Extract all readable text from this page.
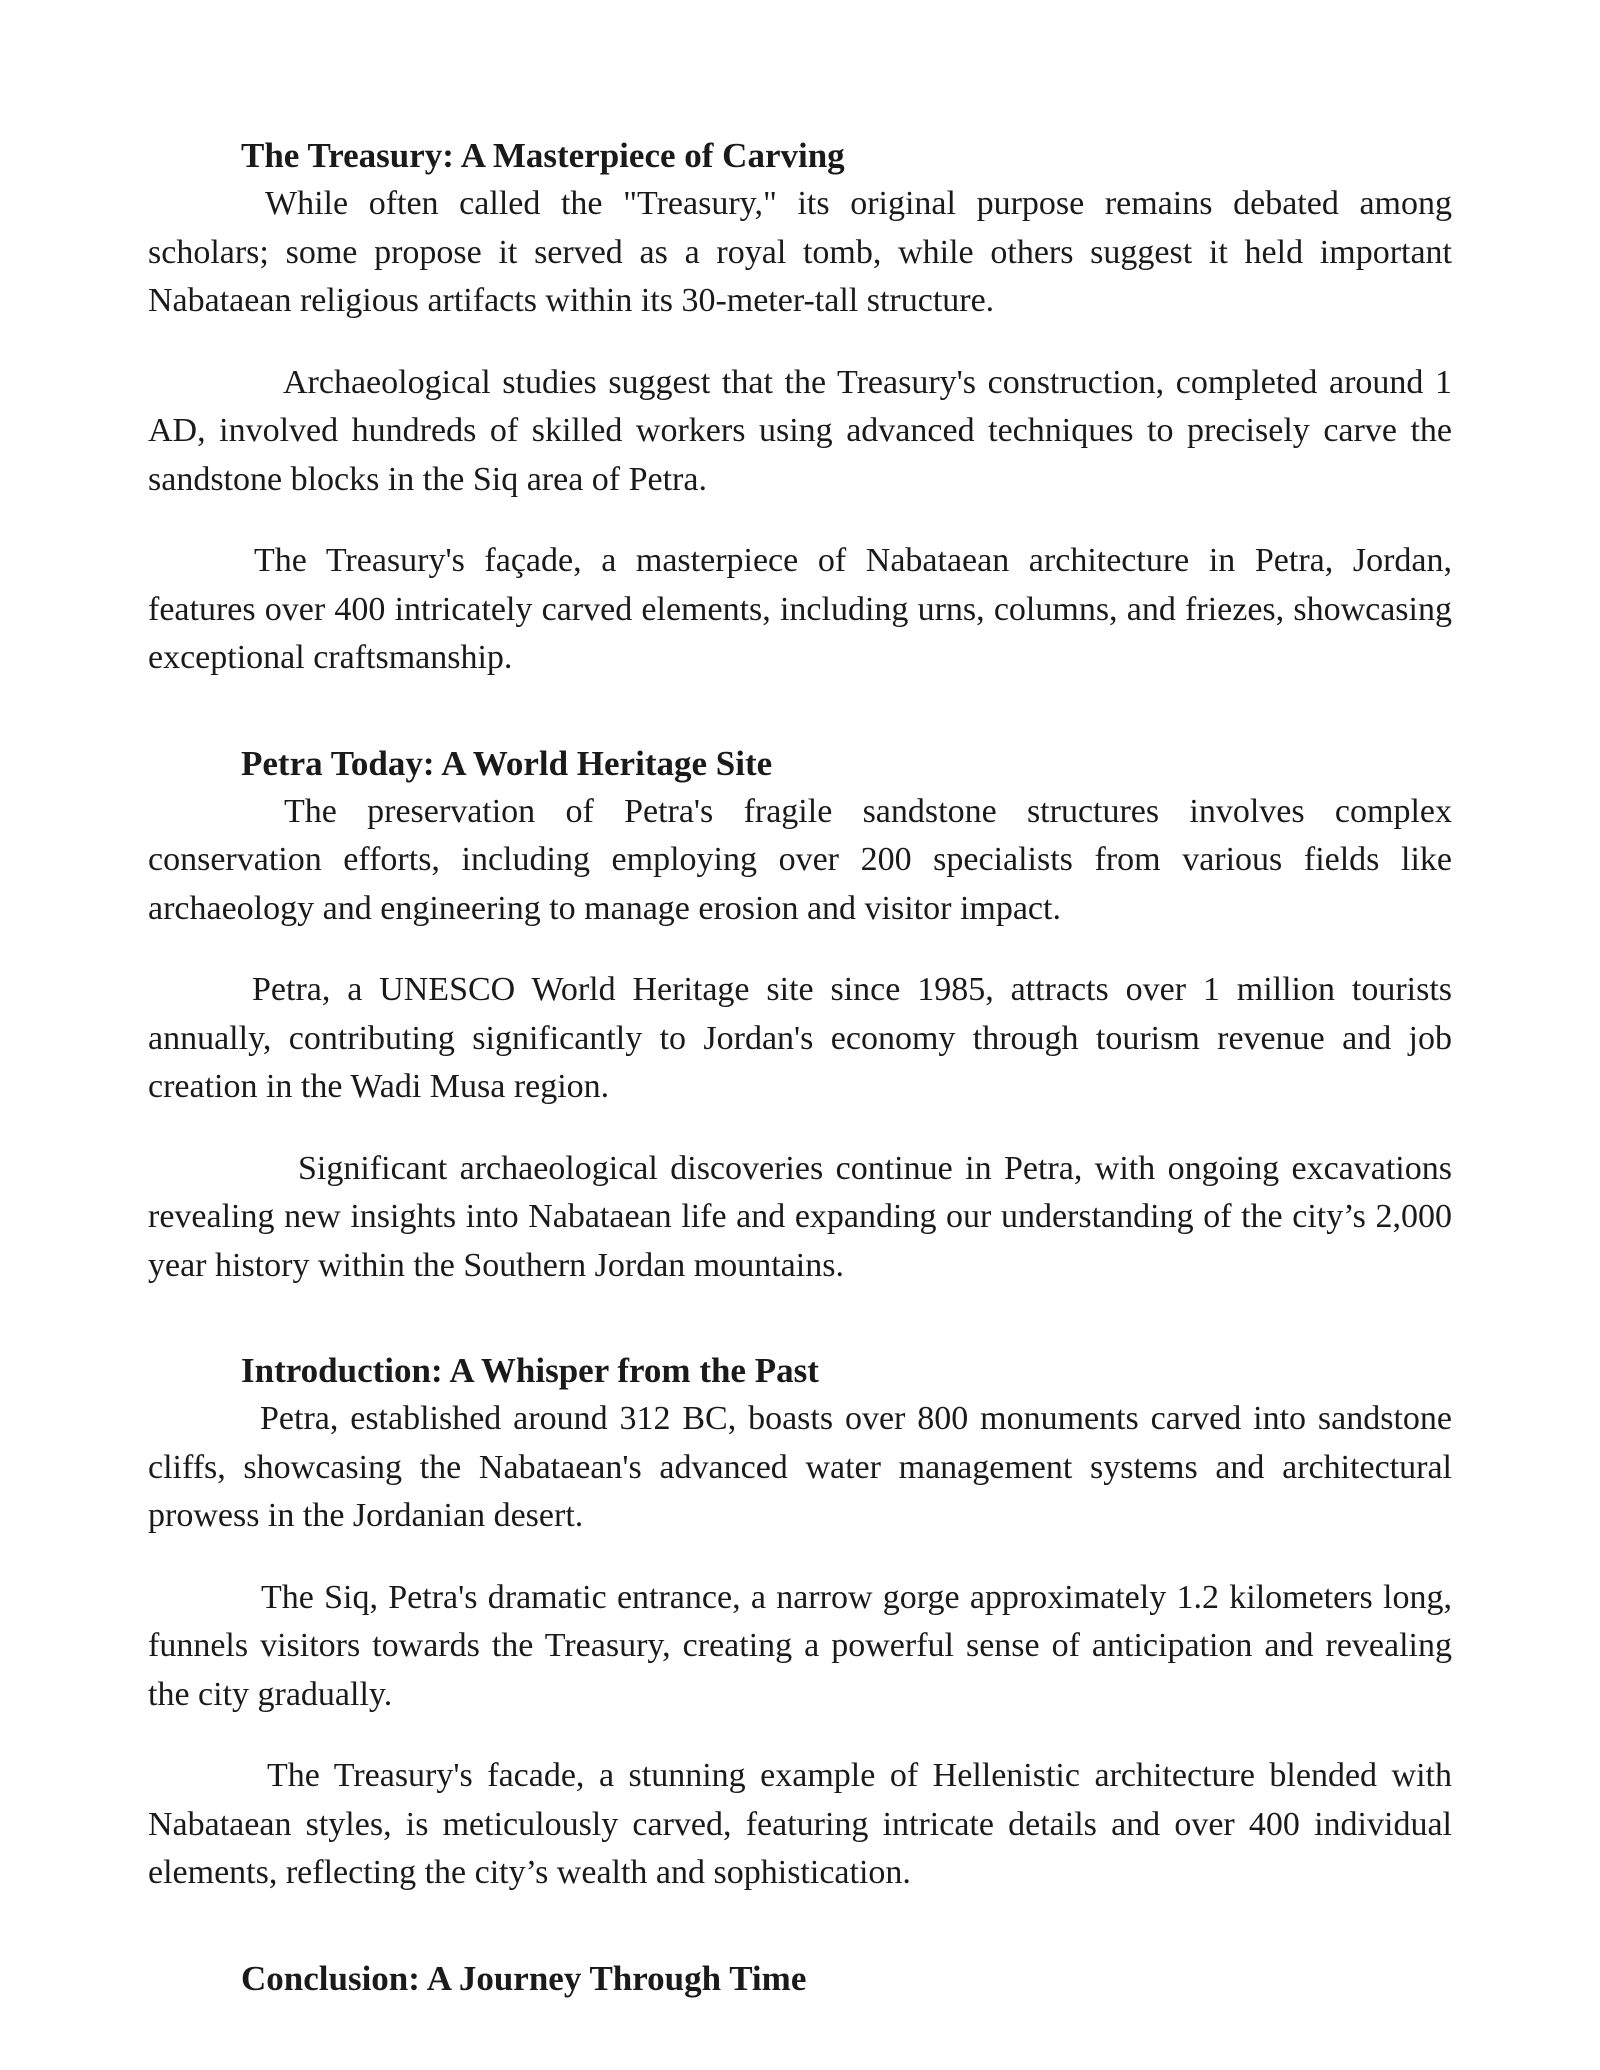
The Treasury: A Masterpiece of Carving

While often called the "Treasury," its original purpose remains debated among scholars; some propose it served as a royal tomb, while others suggest it held important Nabataean religious artifacts within its 30-meter-tall structure.

Archaeological studies suggest that the Treasury's construction, completed around 1 AD, involved hundreds of skilled workers using advanced techniques to precisely carve the sandstone blocks in the Siq area of Petra.

The Treasury's façade, a masterpiece of Nabataean architecture in Petra, Jordan, features over 400 intricately carved elements, including urns, columns, and friezes, showcasing exceptional craftsmanship.

Petra Today: A World Heritage Site

The preservation of Petra's fragile sandstone structures involves complex conservation efforts, including employing over 200 specialists from various fields like archaeology and engineering to manage erosion and visitor impact.

Petra, a UNESCO World Heritage site since 1985, attracts over 1 million tourists annually, contributing significantly to Jordan's economy through tourism revenue and job creation in the Wadi Musa region.

Significant archaeological discoveries continue in Petra, with ongoing excavations revealing new insights into Nabataean life and expanding our understanding of the city’s 2,000 year history within the Southern Jordan mountains.

Introduction: A Whisper from the Past

Petra, established around 312 BC, boasts over 800 monuments carved into sandstone cliffs, showcasing the Nabataean's advanced water management systems and architectural prowess in the Jordanian desert.

The Siq, Petra's dramatic entrance, a narrow gorge approximately 1.2 kilometers long, funnels visitors towards the Treasury, creating a powerful sense of anticipation and revealing the city gradually.

The Treasury's facade, a stunning example of Hellenistic architecture blended with Nabataean styles, is meticulously carved, featuring intricate details and over 400 individual elements, reflecting the city’s wealth and sophistication.

Conclusion: A Journey Through Time
